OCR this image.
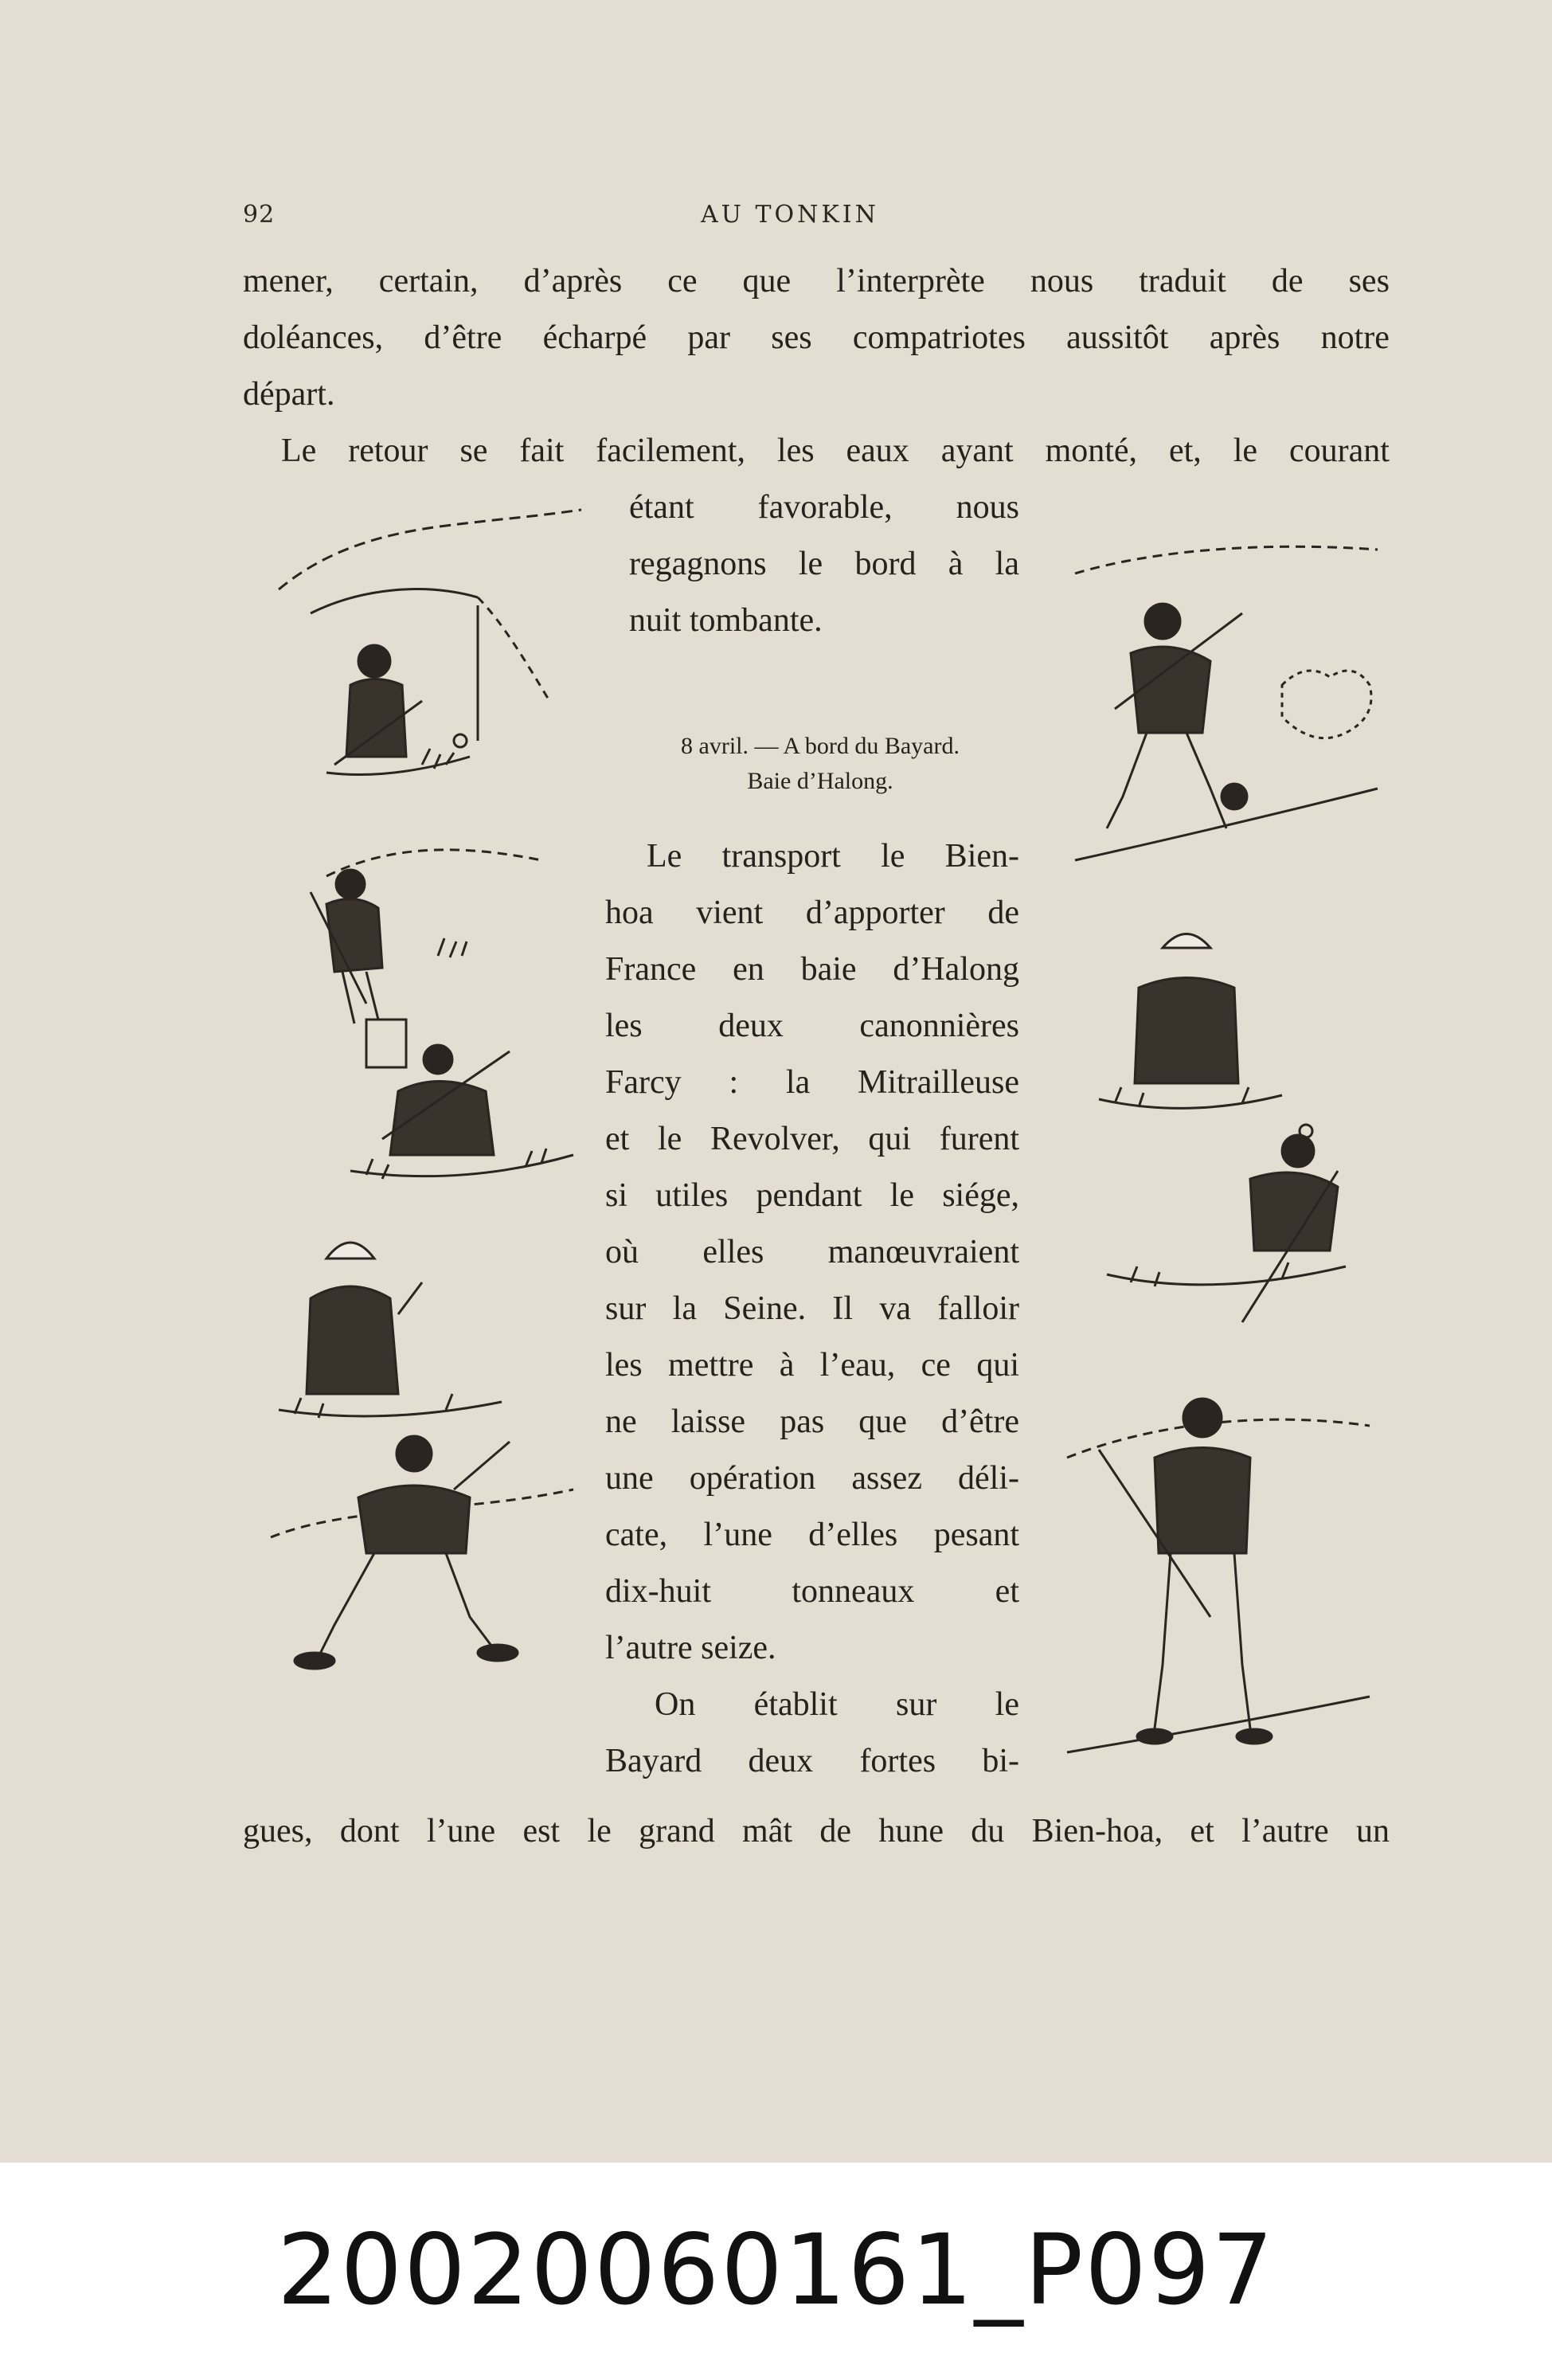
92	AU TONKIN
mener, certain, d’après ce que l’interprète nous traduit de ses
doléances, d’être écharpé par ses compatriotes aussitôt après notre
départ.
Le retour se fait facilement, les eaux ayant monté, et, le courant
étant favorable, nous
regagnons le bord à la
nuit tombante.
8 avril. — A bord du Bayard.
Baie d’Halong.
Le transport le Bien-
hoa vient d’apporter de
France en baie d’Halong
les deux canonnières
Farcy : la Mitrailleuse
et le Revolver, qui furent
si utiles pendant le siége,
où elles manœuvraient
sur la Seine. Il va falloir
les mettre à l’eau, ce qui
ne laisse pas que d’être
une opération assez déli-
cate, l’une d’elles pesant
dix-huit tonneaux et
l’autre seize.
On établit sur le
Bayard deux fortes bi-
gues, dont l’une est le grand mât de hune du Bien-hoa, et l’autre un
20020060161_P097
